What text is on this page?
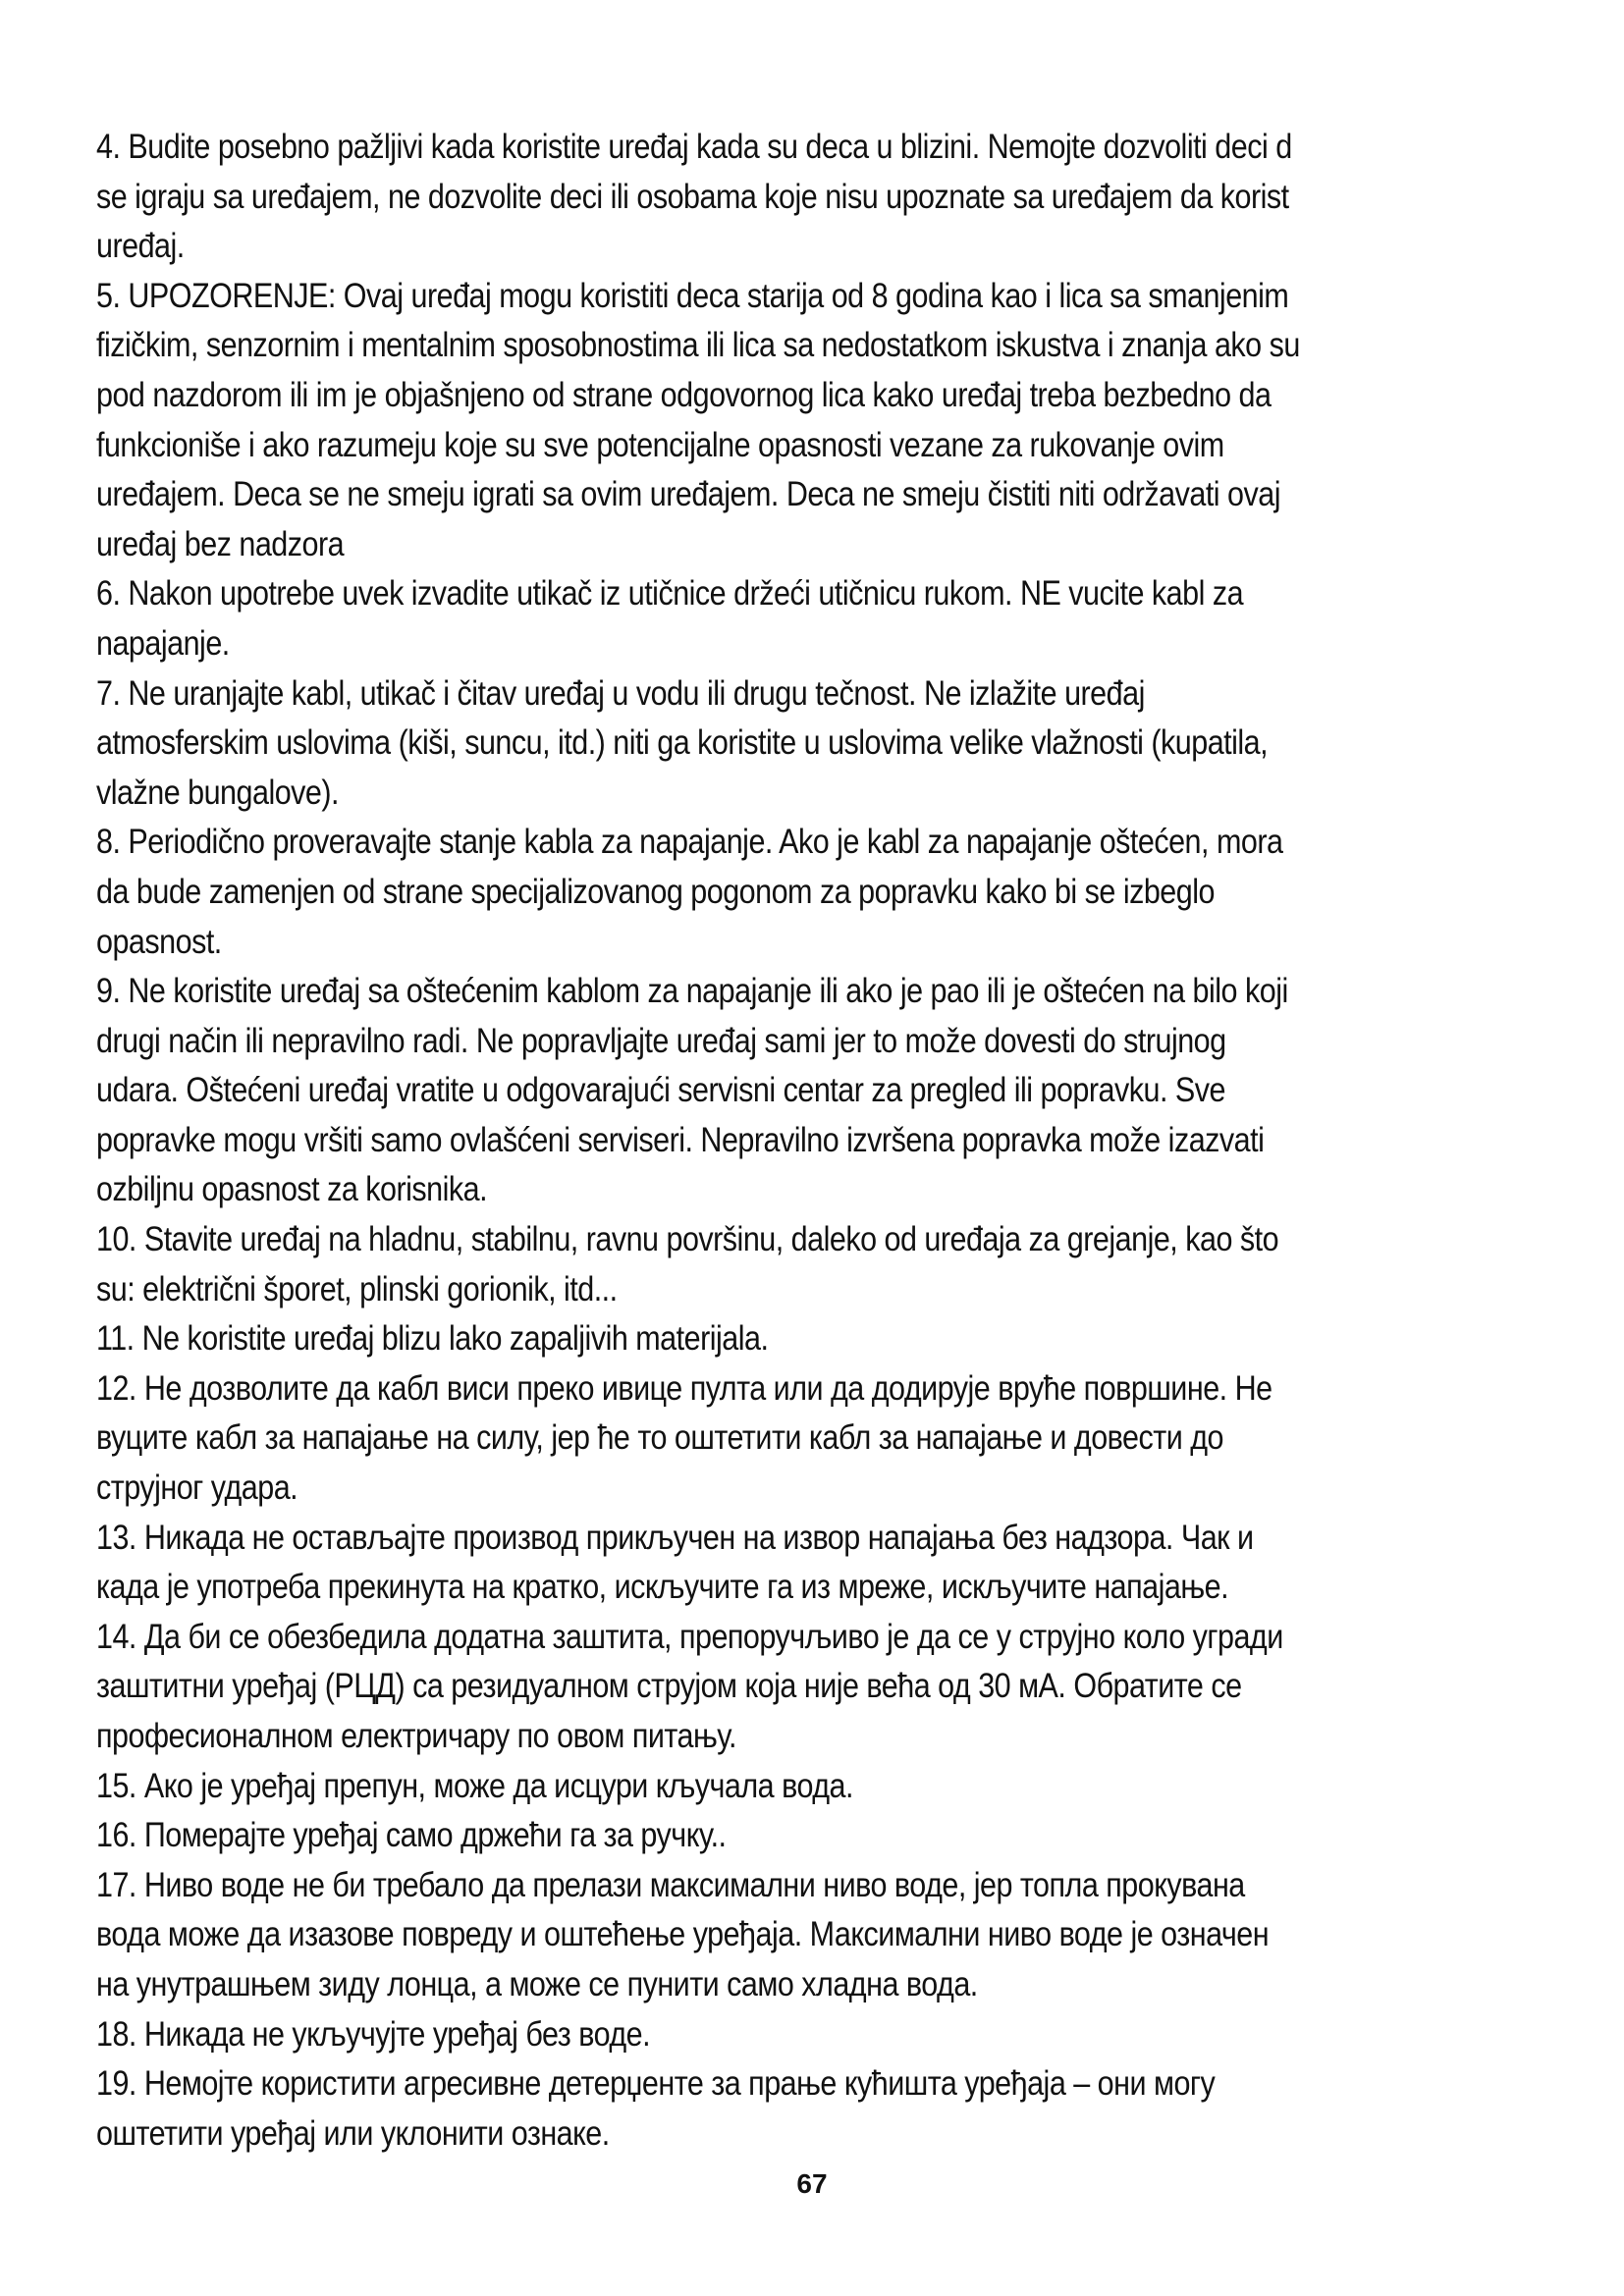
4. Budite posebno pažljivi kada koristite uređaj kada su deca u blizini. Nemojte dozvoliti deci d
se igraju sa uređajem, ne dozvolite deci ili osobama koje nisu upoznate sa uređajem da korist
uređaj.

5. UPOZORENJE: Ovaj uređaj mogu koristiti deca starija od 8 godina kao i lica sa smanjenim
fizičkim, senzornim i mentalnim sposobnostima ili lica sa nedostatkom iskustva i znanja ako su
pod nazdorom ili im je objašnjeno od strane odgovornog lica kako uređaj treba bezbedno da
funkcioniše i ako razumeju koje su sve potencijalne opasnosti vezane za rukovanje ovim
uređajem. Deca se ne smeju igrati sa ovim uređajem. Deca ne smeju čistiti niti održavati ovaj
uređaj bez nadzora

6. Nakon upotrebe uvek izvadite utikač iz utičnice držeći utičnicu rukom. NE vucite kabl za
napajanje.

7. Ne uranjajte kabl, utikač i čitav uređaj u vodu ili drugu tečnost. Ne izlažite uređaj
atmosferskim uslovima (kiši, suncu, itd.) niti ga koristite u uslovima velike vlažnosti (kupatila,
vlažne bungalove).

8. Periodično proveravajte stanje kabla za napajanje. Ako je kabl za napajanje oštećen, mora
da bude zamenjen od strane specijalizovanog pogonom za popravku kako bi se izbeglo
opasnost.

9. Ne koristite uređaj sa oštećenim kablom za napajanje ili ako je pao ili je oštećen na bilo koji
drugi način ili nepravilno radi. Ne popravljajte uređaj sami jer to može dovesti do strujnog
udara. Oštećeni uređaj vratite u odgovarajući servisni centar za pregled ili popravku. Sve
popravke mogu vršiti samo ovlašćeni serviseri. Nepravilno izvršena popravka može izazvati
ozbiljnu opasnost za korisnika.

10. Stavite uređaj na hladnu, stabilnu, ravnu površinu, daleko od uređaja za grejanje, kao što
su: električni šporet, plinski gorionik, itd...

11. Ne koristite uređaj blizu lako zapaljivih materijala.

12. Не дозволите да кабл виси преко ивице пулта или да додирује вруће површине. Не
вуците кабл за напајање на силу, јер ће то оштетити кабл за напајање и довести до
струјног удара.

13. Никада не остављајте производ прикључен на извор напајања без надзора. Чак и
када је употреба прекинута на кратко, искључите га из мреже, искључите напајање.

14. Да би се обезбедила додатна заштита, препоручљиво је да се у струјно коло угради
заштитни уређај (РЦД) са резидуалном струјом која није већа од 30 мА. Обратите се
професионалном електричару по овом питању.

15. Ако је уређај препун, може да исцури кључала вода.

16. Померајте уређај само држећи га за ручку..

17. Ниво воде не би требало да прелази максимални ниво воде, јер топла прокувана
вода може да изазове повреду и оштећење уређаја. Максимални ниво воде је означен
на унутрашњем зиду лонца, а може се пунити само хладна вода.

18. Никада не укључујте уређај без воде.

19. Немојте користити агресивне детерџенте за прање кућишта уређаја – они могу
оштетити уређај или уклонити ознаке.

67
